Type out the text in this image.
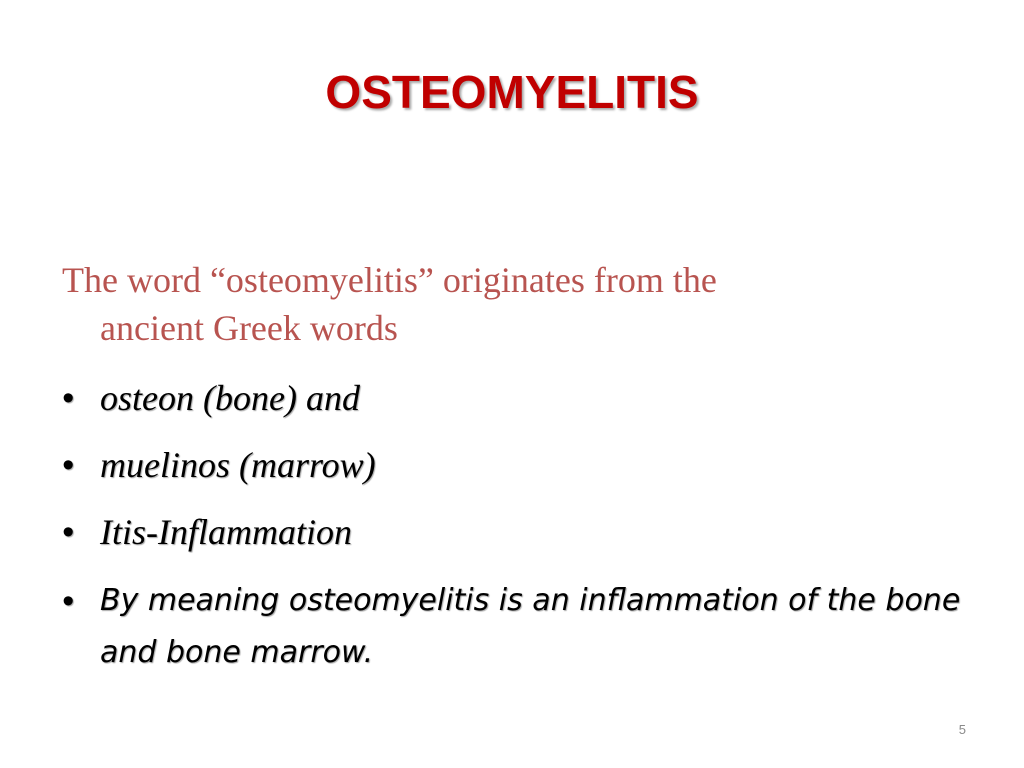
OSTEOMYELITIS
The word “osteomyelitis” originates from the
ancient Greek words
• osteon (bone) and
• muelinos (marrow)
• Itis-Inflammation
• By meaning osteomyelitis is an inflammation of the bone and bone marrow.
5
